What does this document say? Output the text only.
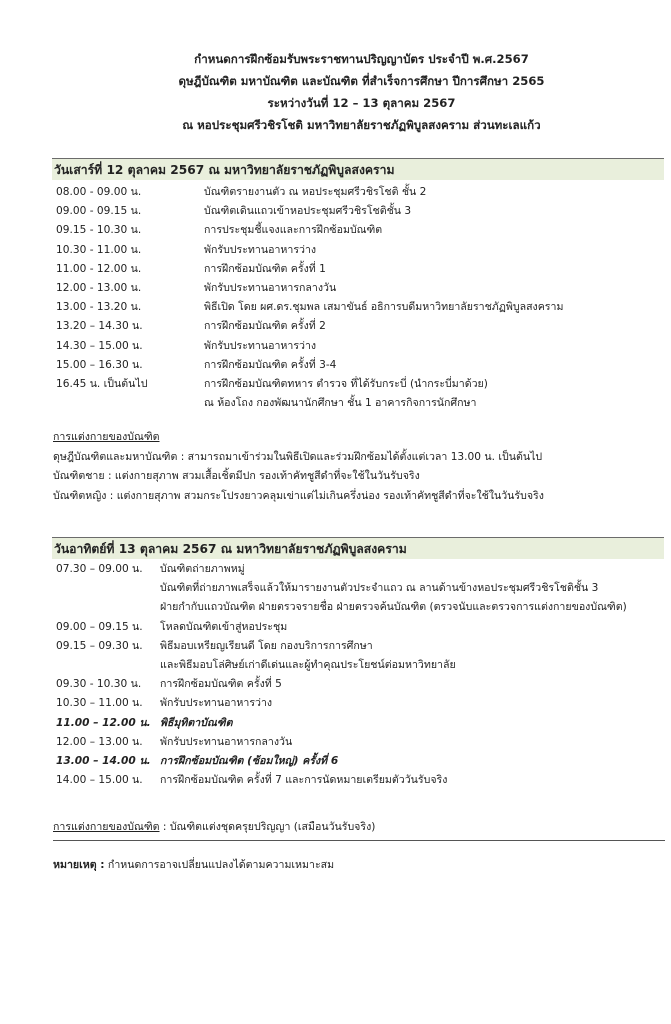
กำหนดการฝึกซ้อมรับพระราชทานปริญญาบัตร ประจำปี พ.ศ.2567
ดุษฎีบัณฑิต มหาบัณฑิต และบัณฑิต ที่สำเร็จการศึกษา ปีการศึกษา 2565
ระหว่างวันที่ 12 – 13 ตุลาคม 2567
ณ หอประชุมศรีวชิรโชติ มหาวิทยาลัยราชภัฏพิบูลสงคราม ส่วนทะเลแก้ว
วันเสาร์ที่ 12 ตุลาคม 2567 ณ มหาวิทยาลัยราชภัฏพิบูลสงคราม
08.00 - 09.00 น.	บัณฑิตรายงานตัว ณ หอประชุมศรีวชิรโชติ ชั้น 2
09.00 - 09.15 น.	บัณฑิตเดินแถวเข้าหอประชุมศรีวชิรโชติชั้น 3
09.15 - 10.30 น.	การประชุมชี้แจงและการฝึกซ้อมบัณฑิต
10.30 - 11.00 น.	พักรับประทานอาหารว่าง
11.00 - 12.00 น.	การฝึกซ้อมบัณฑิต ครั้งที่ 1
12.00 - 13.00 น.	พักรับประทานอาหารกลางวัน
13.00 - 13.20 น.	พิธีเปิด โดย ผศ.ดร.ชุมพล เสมาขันธ์ อธิการบดีมหาวิทยาลัยราชภัฏพิบูลสงคราม
13.20 – 14.30 น.	การฝึกซ้อมบัณฑิต ครั้งที่ 2
14.30 – 15.00 น.	พักรับประทานอาหารว่าง
15.00 – 16.30 น.	การฝึกซ้อมบัณฑิต ครั้งที่ 3-4
16.45 น. เป็นต้นไป	การฝึกซ้อมบัณฑิตทหาร ตำรวจ ที่ได้รับกระบี่ (นำกระบี่มาด้วย)
ณ ห้องโถง กองพัฒนานักศึกษา ชั้น 1 อาคารกิจการนักศึกษา
การแต่งกายของบัณฑิต
ดุษฎีบัณฑิตและมหาบัณฑิต : สามารถมาเข้าร่วมในพิธีเปิดและร่วมฝึกซ้อมได้ตั้งแต่เวลา 13.00 น. เป็นต้นไป
บัณฑิตชาย : แต่งกายสุภาพ สวมเสื้อเชิ้ตมีปก รองเท้าคัทชูสีดำที่จะใช้ในวันรับจริง
บัณฑิตหญิง : แต่งกายสุภาพ สวมกระโปรงยาวคลุมเข่าแต่ไม่เกินครึ่งน่อง รองเท้าคัทชูสีดำที่จะใช้ในวันรับจริง
วันอาทิตย์ที่ 13 ตุลาคม 2567 ณ มหาวิทยาลัยราชภัฏพิบูลสงคราม
07.30 – 09.00 น. บัณฑิตถ่ายภาพหมู่
บัณฑิตที่ถ่ายภาพเสร็จแล้วให้มารายงานตัวประจำแถว ณ ลานด้านข้างหอประชุมศรีวชิรโชติชั้น 3
ฝ่ายกำกับแถวบัณฑิต ฝ่ายตรวจรายชื่อ ฝ่ายตรวจค้นบัณฑิต (ตรวจนับและตรวจการแต่งกายของบัณฑิต)
09.00 – 09.15 น. โหลดบัณฑิตเข้าสู่หอประชุม
09.15 – 09.30 น. พิธีมอบเหรียญเรียนดี โดย กองบริการการศึกษา
และพิธีมอบโล่ศิษย์เก่าดีเด่นและผู้ทำคุณประโยชน์ต่อมหาวิทยาลัย
09.30 - 10.30 น. การฝึกซ้อมบัณฑิต ครั้งที่ 5
10.30 – 11.00 น. พักรับประทานอาหารว่าง
11.00 – 12.00 น. พิธีมุทิตาบัณฑิต
12.00 – 13.00 น. พักรับประทานอาหารกลางวัน
13.00 – 14.00 น. การฝึกซ้อมบัณฑิต (ซ้อมใหญ่) ครั้งที่ 6
14.00 – 15.00 น. การฝึกซ้อมบัณฑิต ครั้งที่ 7 และการนัดหมายเตรียมตัววันรับจริง
การแต่งกายของบัณฑิต : บัณฑิตแต่งชุดครุยปริญญา (เสมือนวันรับจริง)
หมายเหตุ : กำหนดการอาจเปลี่ยนแปลงได้ตามความเหมาะสม
